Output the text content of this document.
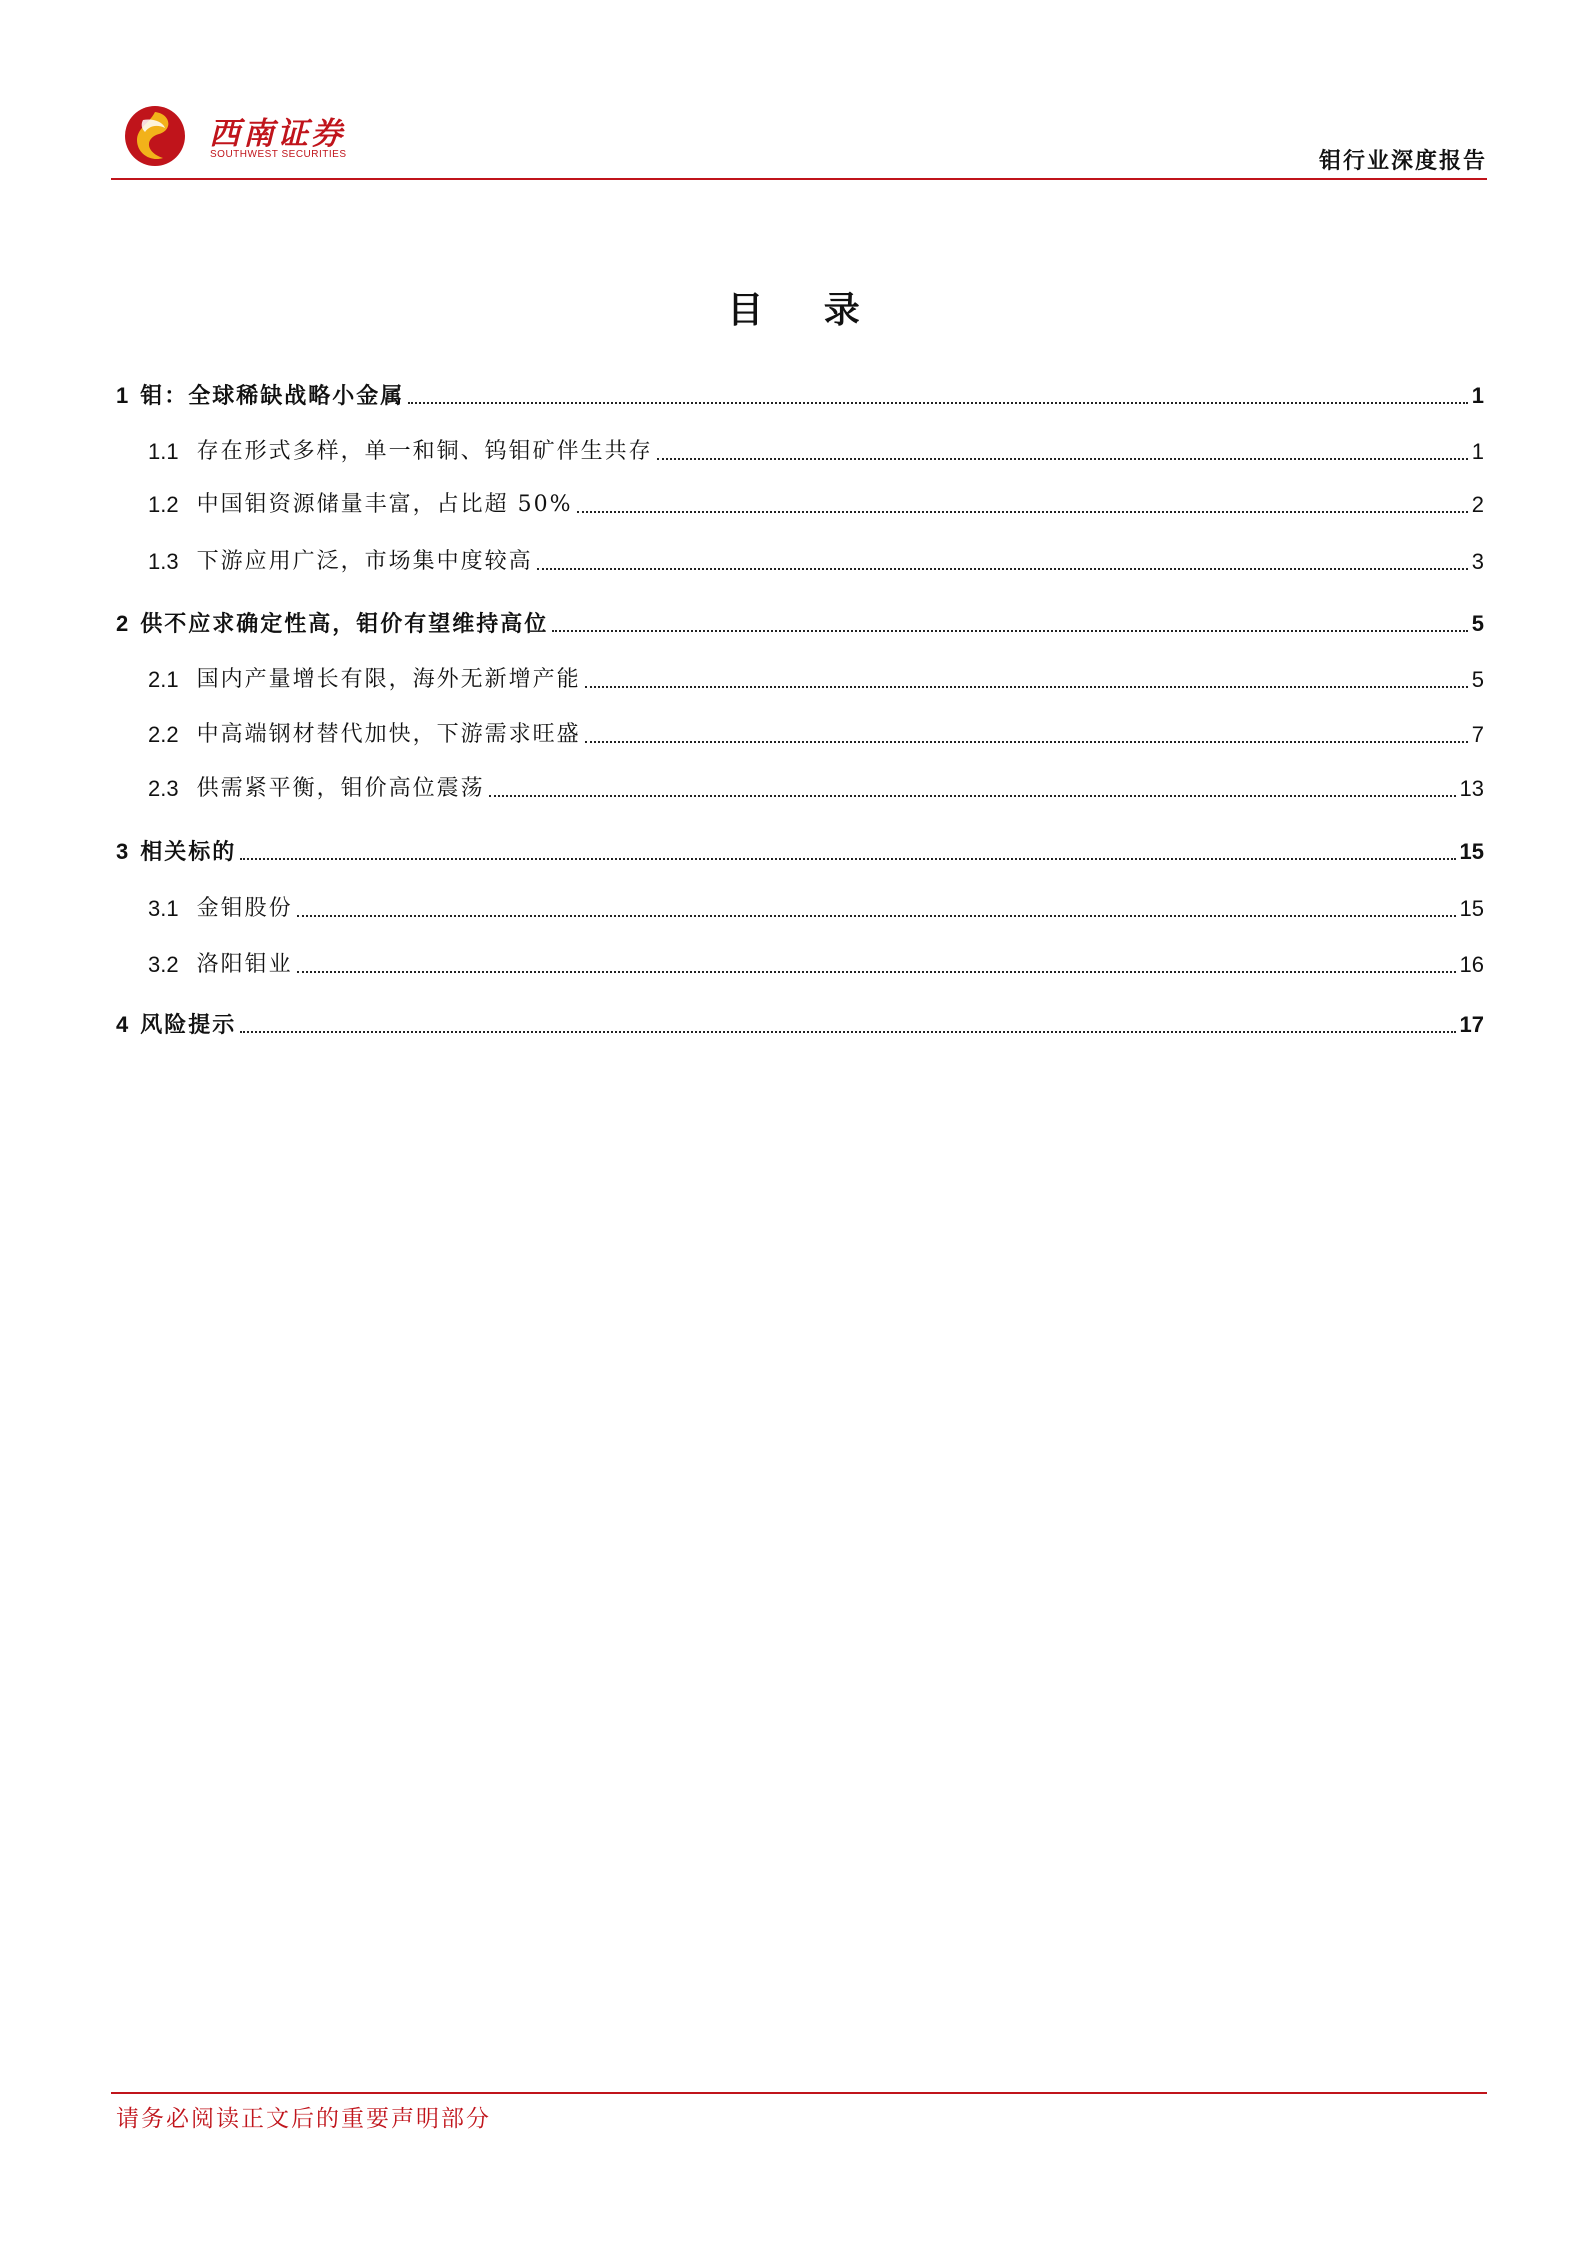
西南证券
SOUTHWEST SECURITIES	钼行业深度报告
目 录
1 钼：全球稀缺战略小金属	1
1.1 存在形式多样，单一和铜、钨钼矿伴生共存	1
1.2 中国钼资源储量丰富，占比超 50%	2
1.3 下游应用广泛，市场集中度较高	3
2 供不应求确定性高，钼价有望维持高位	5
2.1 国内产量增长有限，海外无新增产能	5
2.2 中高端钢材替代加快，下游需求旺盛	7
2.3 供需紧平衡，钼价高位震荡	13
3 相关标的	15
3.1 金钼股份	15
3.2 洛阳钼业	16
4 风险提示	17
请务必阅读正文后的重要声明部分
